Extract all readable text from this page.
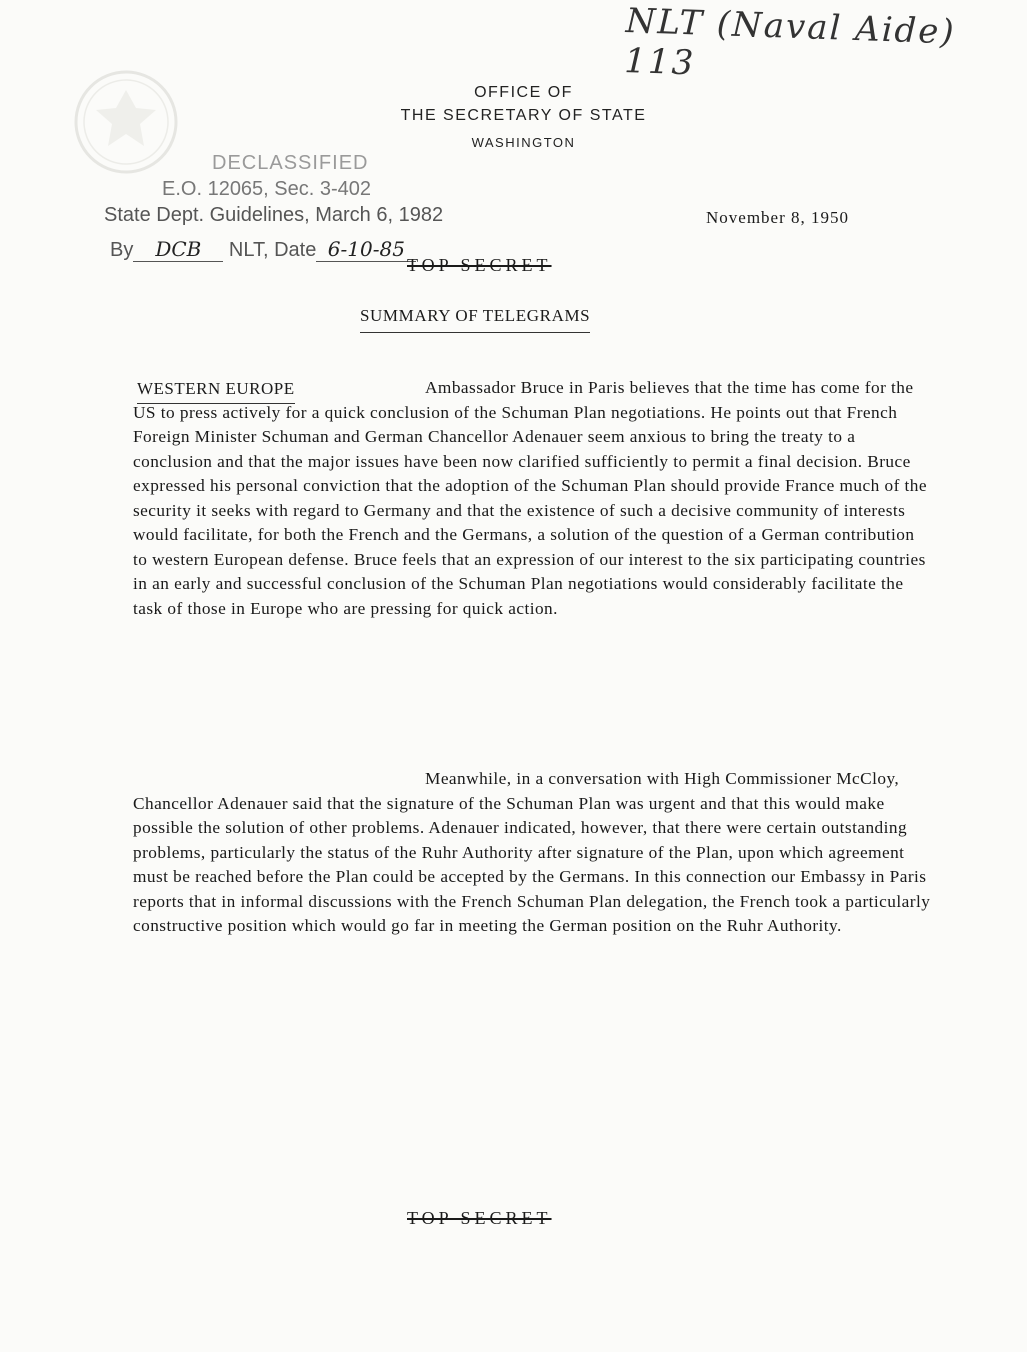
NLT (Naval Aide) 113
OFFICE OF
THE SECRETARY OF STATE
WASHINGTON
DECLASSIFIED
E.O. 12065, Sec. 3-402
State Dept. Guidelines, March 6, 1982
By DCB NLT, Date 6-10-85
November 8, 1950
TOP SECRET
SUMMARY OF TELEGRAMS
WESTERN EUROPE	Ambassador Bruce in Paris believes that the time has come for the US to press actively for a quick conclusion of the Schuman Plan negotiations. He points out that French Foreign Minister Schuman and German Chancellor Adenauer seem anxious to bring the treaty to a conclusion and that the major issues have been now clarified sufficiently to permit a final decision. Bruce expressed his personal conviction that the adoption of the Schuman Plan should provide France much of the security it seeks with regard to Germany and that the existence of such a decisive community of interests would facilitate, for both the French and the Germans, a solution of the question of a German contribution to western European defense. Bruce feels that an expression of our interest to the six participating countries in an early and successful conclusion of the Schuman Plan negotiations would considerably facilitate the task of those in Europe who are pressing for quick action.
Meanwhile, in a conversation with High Commissioner McCloy, Chancellor Adenauer said that the signature of the Schuman Plan was urgent and that this would make possible the solution of other problems. Adenauer indicated, however, that there were certain outstanding problems, particularly the status of the Ruhr Authority after signature of the Plan, upon which agreement must be reached before the Plan could be accepted by the Germans. In this connection our Embassy in Paris reports that in informal discussions with the French Schuman Plan delegation, the French took a particularly constructive position which would go far in meeting the German position on the Ruhr Authority.
TOP SECRET
